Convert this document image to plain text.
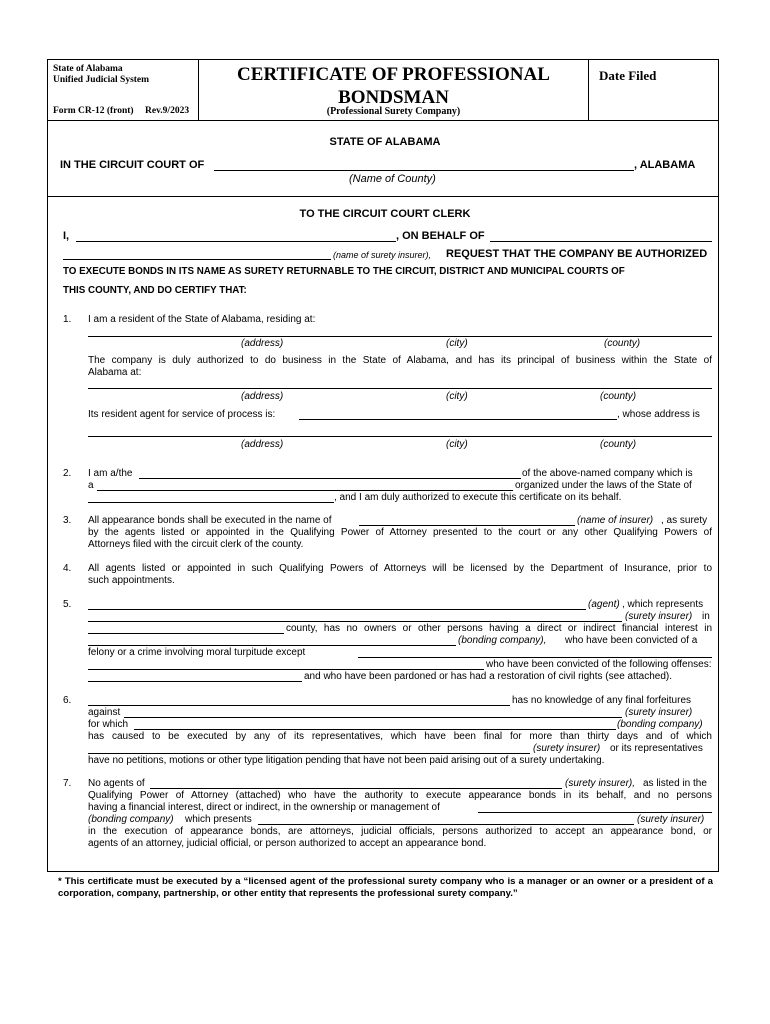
State of Alabama
Unified Judicial System
Form CR-12 (front) Rev.9/2023
CERTIFICATE OF PROFESSIONAL
BONDSMAN
(Professional Surety Company)
Date Filed
STATE OF ALABAMA
IN THE CIRCUIT COURT OF	, ALABAMA
(Name of County)
TO THE CIRCUIT COURT CLERK
I,	, ON BEHALF OF
(name of surety insurer), REQUEST THAT THE COMPANY BE AUTHORIZED
TO EXECUTE BONDS IN ITS NAME AS SURETY RETURNABLE TO THE CIRCUIT, DISTRICT AND MUNICIPAL COURTS OF
THIS COUNTY, AND DO CERTIFY THAT:
1. I am a resident of the State of Alabama, residing at:
(address)	(city)	(county)
The company is duly authorized to do business in the State of Alabama, and has its principal of business within the State of
Alabama at:
(address)	(city)	(county)
Its resident agent for service of process is:	, whose address is
(address)	(city)	(county)
2. I am a/the	of the above-named company which is
a	organized under the laws of the State of
, and I am duly authorized to execute this certificate on its behalf.
3. All appearance bonds shall be executed in the name of	(name of insurer) , as surety
by the agents listed or appointed in the Qualifying Power of Attorney presented to the court or any other Qualifying Powers of
Attorneys filed with the circuit clerk of the county.
4. All agents listed or appointed in such Qualifying Powers of Attorneys will be licensed by the Department of Insurance, prior to
such appointments.
5.	(agent) , which represents
(surety insurer) in
county, has no owners or other persons having a direct or indirect financial interest in
(bonding company), who have been convicted of a
felony or a crime involving moral turpitude except
who have been convicted of the following offenses:
and who have been pardoned or has had a restoration of civil rights (see attached).
6.	has no knowledge of any final forfeitures
against	(surety insurer)
for which	(bonding company)
has caused to be executed by any of its representatives, which have been final for more than thirty days and of which
(surety insurer) or its representatives
have no petitions, motions or other type litigation pending that have not been paid arising out of a surety undertaking.
7. No agents of	(surety insurer), as listed in the
Qualifying Power of Attorney (attached) who have the authority to execute appearance bonds in its behalf, and no persons
having a financial interest, direct or indirect, in the ownership or management of
(bonding company) which presents	(surety insurer)
in the execution of appearance bonds, are attorneys, judicial officials, persons authorized to accept an appearance bond, or
agents of an attorney, judicial official, or person authorized to accept an appearance bond.
* This certificate must be executed by a “licensed agent of the professional surety company who is a manager or an owner or a president of a corporation, company, partnership, or other entity that represents the professional surety company.”
